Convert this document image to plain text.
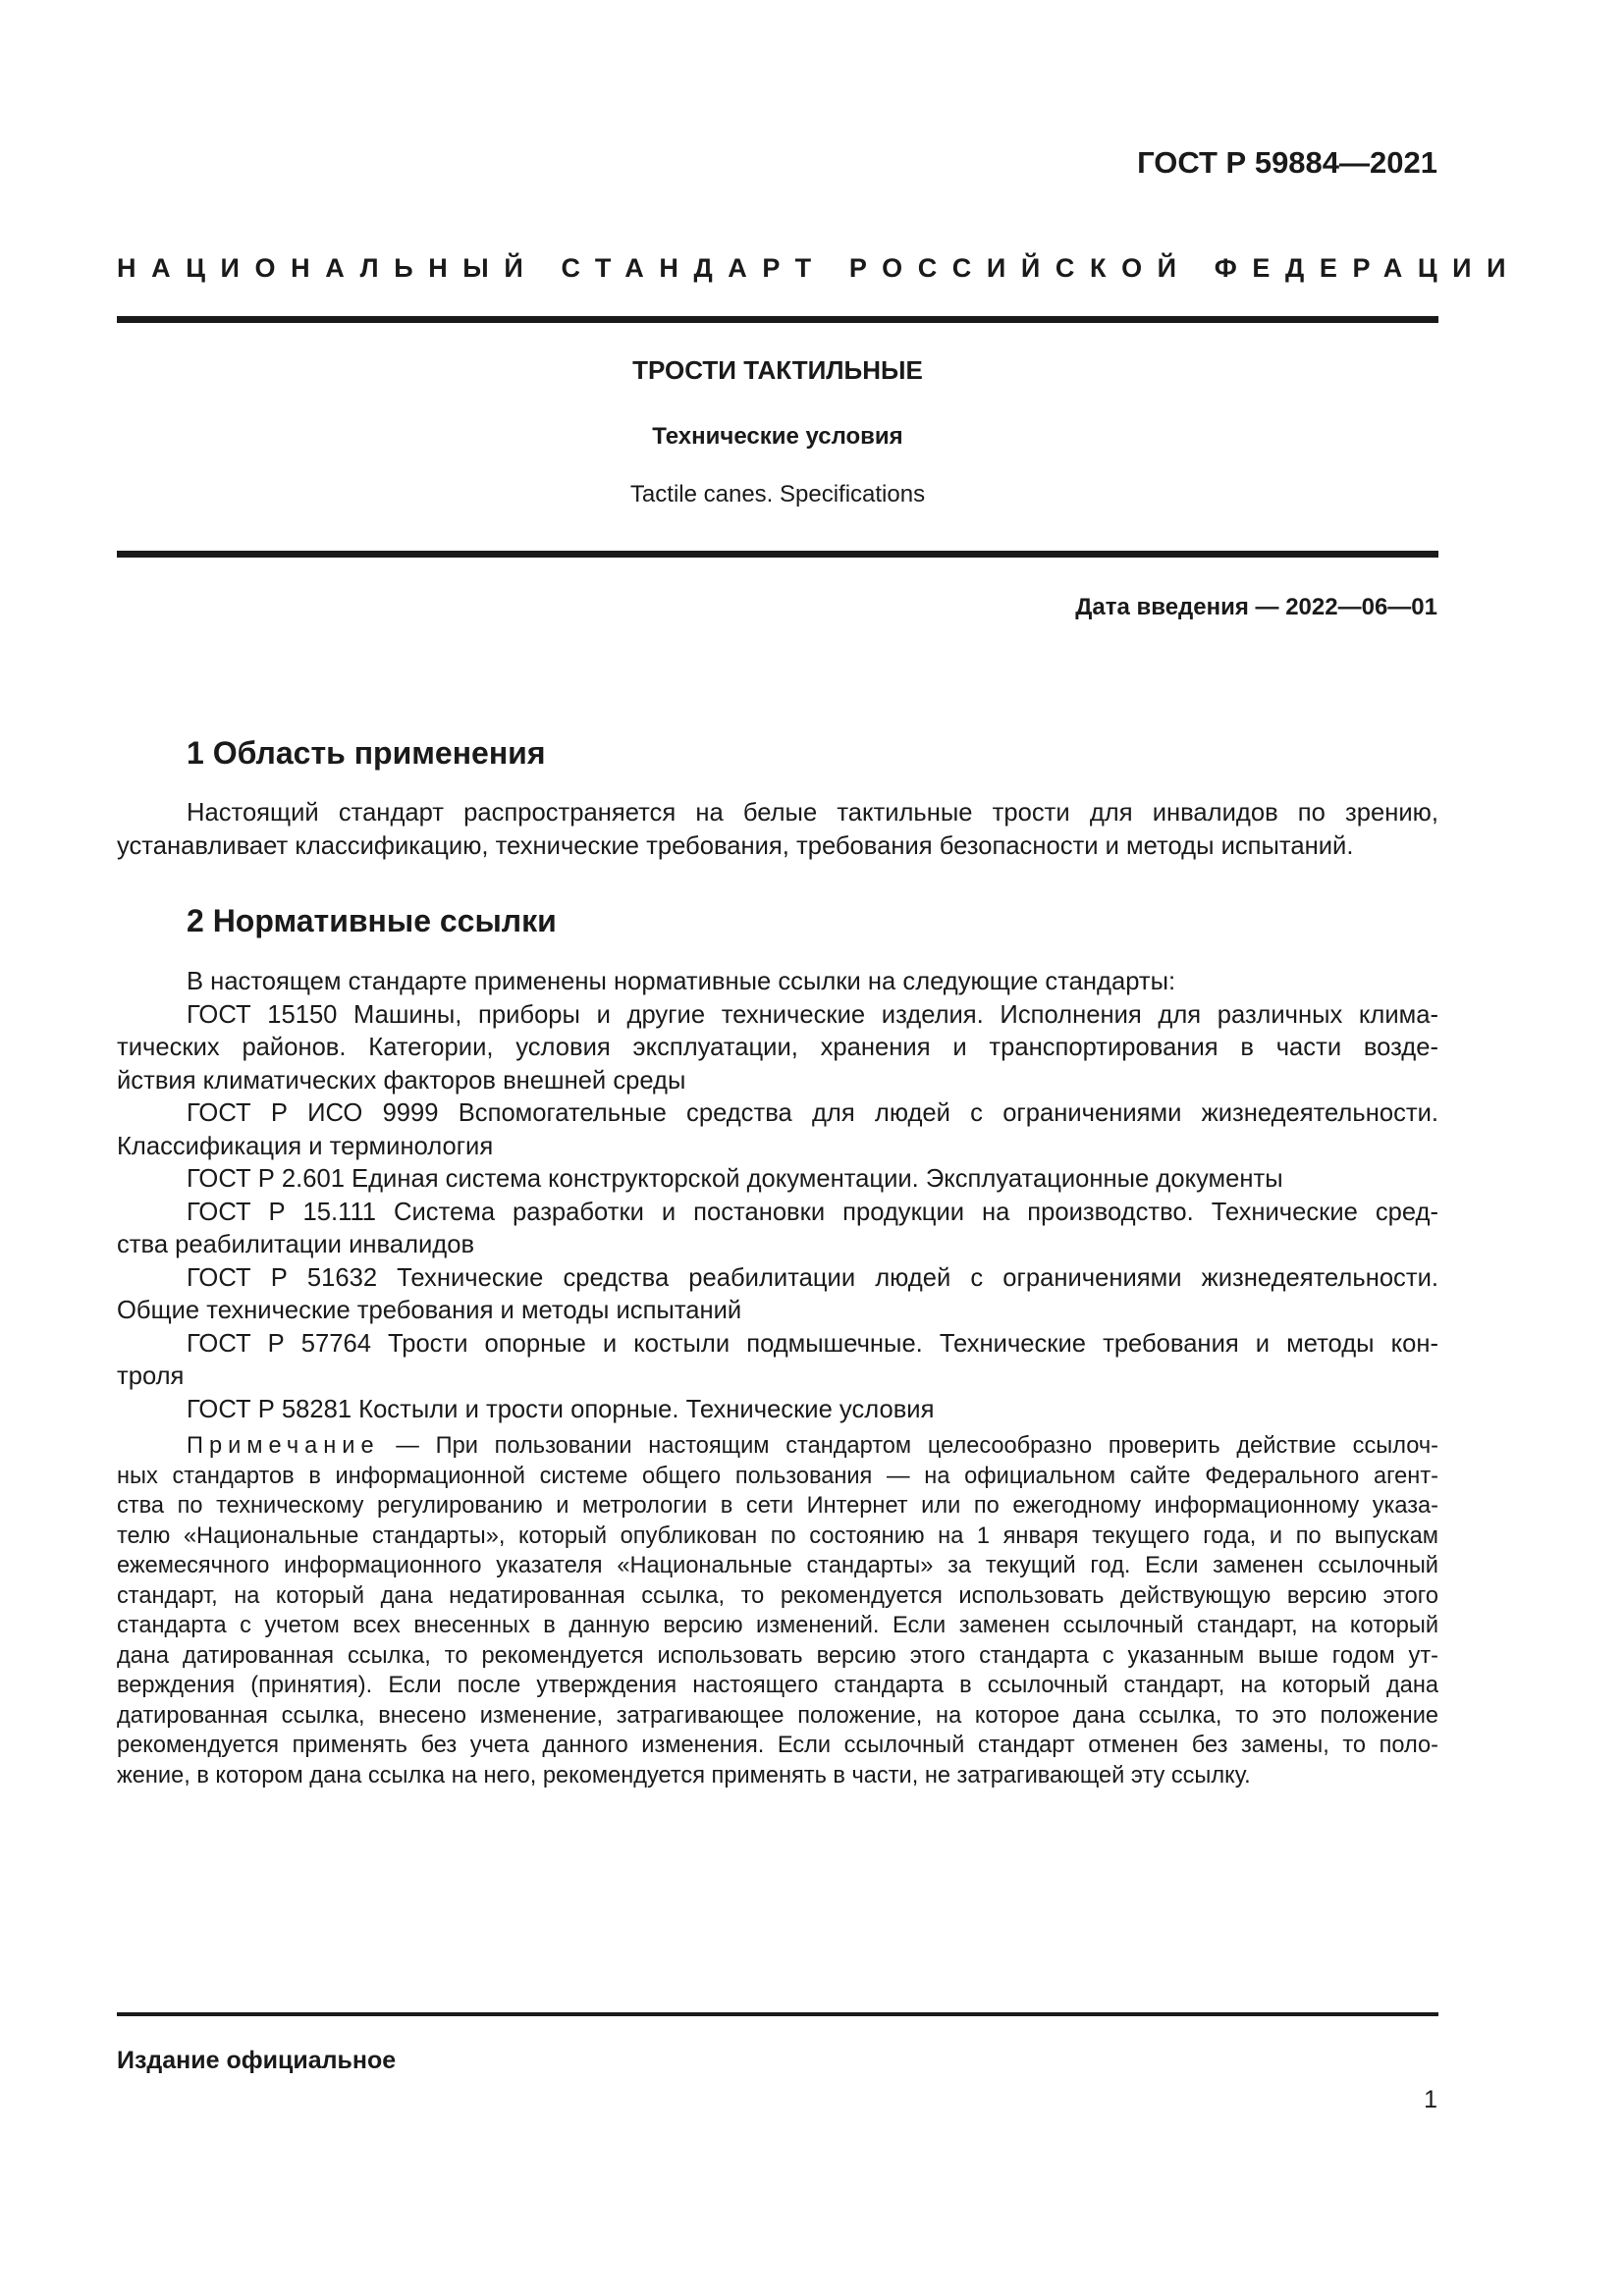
ГОСТ Р 59884—2021
НАЦИОНАЛЬНЫЙ СТАНДАРТ РОССИЙСКОЙ ФЕДЕРАЦИИ
ТРОСТИ ТАКТИЛЬНЫЕ
Технические условия
Tactile canes. Specifications
Дата введения — 2022—06—01
1 Область применения
Настоящий стандарт распространяется на белые тактильные трости для инвалидов по зрению,
устанавливает классификацию, технические требования, требования безопасности и методы испытаний.
2 Нормативные ссылки
В настоящем стандарте применены нормативные ссылки на следующие стандарты:
ГОСТ 15150 Машины, приборы и другие технические изделия. Исполнения для различных клима-
тических районов. Категории, условия эксплуатации, хранения и транспортирования в части возде-
йствия климатических факторов внешней среды
ГОСТ Р ИСО 9999 Вспомогательные средства для людей с ограничениями жизнедеятельности.
Классификация и терминология
ГОСТ Р 2.601 Единая система конструкторской документации. Эксплуатационные документы
ГОСТ Р 15.111 Система разработки и постановки продукции на производство. Технические сред-
ства реабилитации инвалидов
ГОСТ Р 51632 Технические средства реабилитации людей с ограничениями жизнедеятельности.
Общие технические требования и методы испытаний
ГОСТ Р 57764 Трости опорные и костыли подмышечные. Технические требования и методы кон-
троля
ГОСТ Р 58281 Костыли и трости опорные. Технические условия
Примечание — При пользовании настоящим стандартом целесообразно проверить действие ссылоч-
ных стандартов в информационной системе общего пользования — на официальном сайте Федерального агент-
ства по техническому регулированию и метрологии в сети Интернет или по ежегодному информационному указа-
телю «Национальные стандарты», который опубликован по состоянию на 1 января текущего года, и по выпускам
ежемесячного информационного указателя «Национальные стандарты» за текущий год. Если заменен ссылочный
стандарт, на который дана недатированная ссылка, то рекомендуется использовать действующую версию этого
стандарта с учетом всех внесенных в данную версию изменений. Если заменен ссылочный стандарт, на который
дана датированная ссылка, то рекомендуется использовать версию этого стандарта с указанным выше годом ут-
верждения (принятия). Если после утверждения настоящего стандарта в ссылочный стандарт, на который дана
датированная ссылка, внесено изменение, затрагивающее положение, на которое дана ссылка, то это положение
рекомендуется применять без учета данного изменения. Если ссылочный стандарт отменен без замены, то поло-
жение, в котором дана ссылка на него, рекомендуется применять в части, не затрагивающей эту ссылку.
Издание официальное
1
